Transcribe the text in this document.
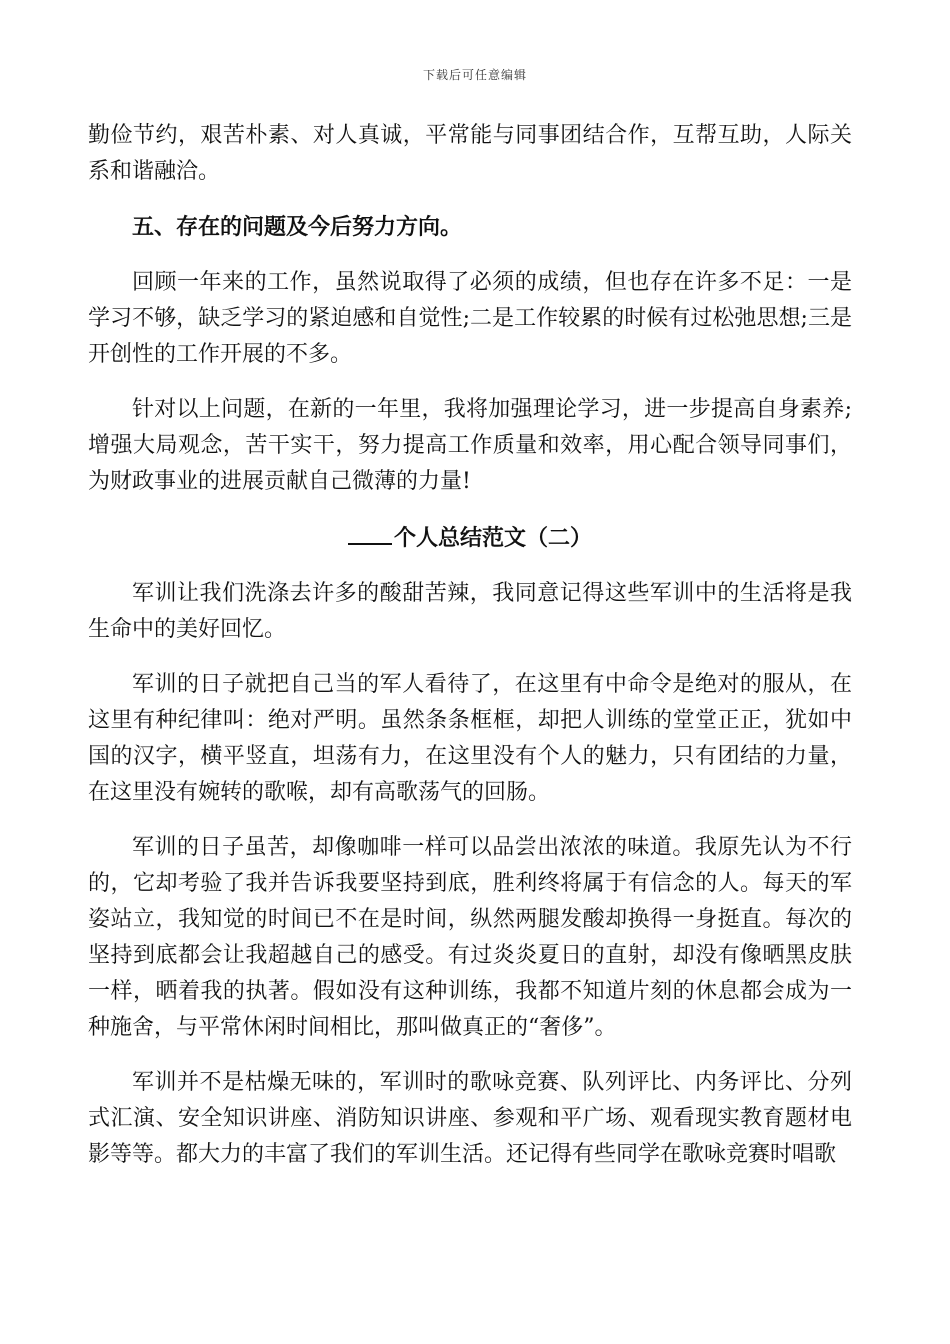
下载后可任意编辑

勤俭节约，艰苦朴素、对人真诚，平常能与同事团结合作，互帮互助，人际关系和谐融洽。

五、存在的问题及今后努力方向。

回顾一年来的工作，虽然说取得了必须的成绩，但也存在许多不足：一是学习不够，缺乏学习的紧迫感和自觉性;二是工作较累的时候有过松弛思想;三是开创性的工作开展的不多。

针对以上问题，在新的一年里，我将加强理论学习，进一步提高自身素养;增强大局观念，苦干实干，努力提高工作质量和效率，用心配合领导同事们，为财政事业的进展贡献自己微薄的力量!

个人总结范文（二）

军训让我们洗涤去许多的酸甜苦辣，我同意记得这些军训中的生活将是我生命中的美好回忆。

军训的日子就把自己当的军人看待了，在这里有中命令是绝对的服从，在这里有种纪律叫：绝对严明。虽然条条框框，却把人训练的堂堂正正，犹如中国的汉字，横平竖直，坦荡有力，在这里没有个人的魅力，只有团结的力量，在这里没有婉转的歌喉，却有高歌荡气的回肠。

军训的日子虽苦，却像咖啡一样可以品尝出浓浓的味道。我原先认为不行的，它却考验了我并告诉我要坚持到底，胜利终将属于有信念的人。每天的军姿站立，我知觉的时间已不在是时间，纵然两腿发酸却换得一身挺直。每次的坚持到底都会让我超越自己的感受。有过炎炎夏日的直射，却没有像晒黑皮肤一样，晒着我的执著。假如没有这种训练，我都不知道片刻的休息都会成为一种施舍，与平常休闲时间相比，那叫做真正的“奢侈”。

军训并不是枯燥无味的，军训时的歌咏竞赛、队列评比、内务评比、分列式汇演、安全知识讲座、消防知识讲座、参观和平广场、观看现实教育题材电影等等。都大力的丰富了我们的军训生活。还记得有些同学在歌咏竞赛时唱歌
